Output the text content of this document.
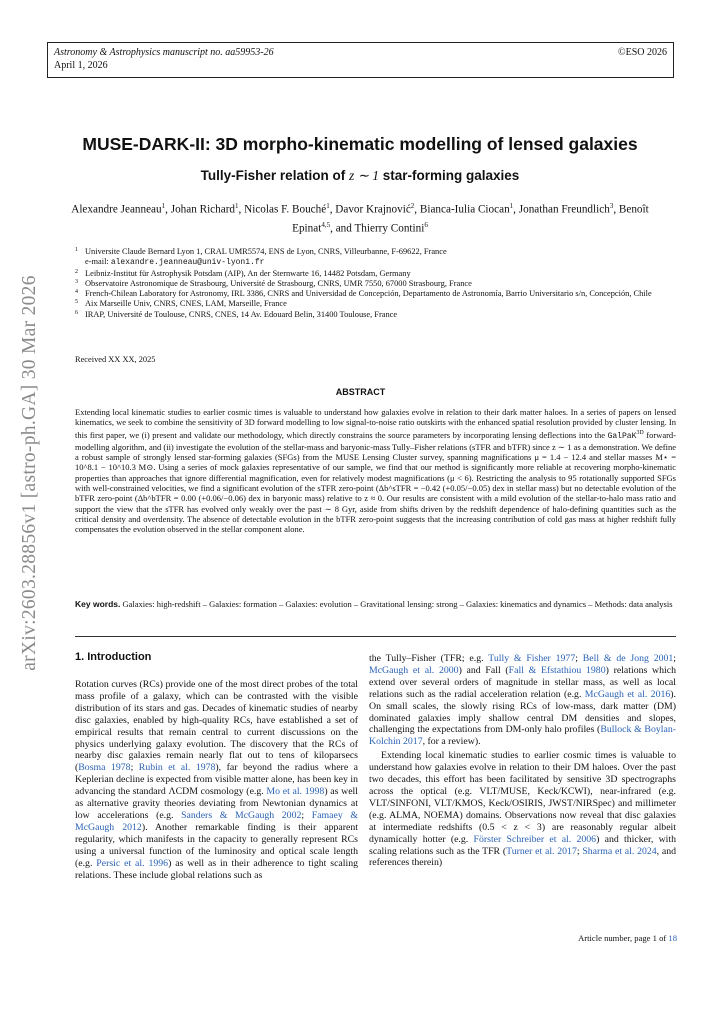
Astronomy & Astrophysics manuscript no. aa59953-26
April 1, 2026
©ESO 2026
arXiv:2603.28856v1 [astro-ph.GA] 30 Mar 2026
MUSE-DARK-II: 3D morpho-kinematic modelling of lensed galaxies
Tully-Fisher relation of z ∼ 1 star-forming galaxies
Alexandre Jeanneau$^1$, Johan Richard$^1$, Nicolas F. Bouché$^1$, Davor Krajnović$^2$, Bianca-Iulia Ciocan$^1$, Jonathan Freundlich$^3$, Benoît Epinat$^{4,5}$, and Thierry Contini$^6$
1 Universite Claude Bernard Lyon 1, CRAL UMR5574, ENS de Lyon, CNRS, Villeurbanne, F-69622, France
e-mail: alexandre.jeanneau@univ-lyon1.fr
2 Leibniz-Institut für Astrophysik Potsdam (AIP), An der Sternwarte 16, 14482 Potsdam, Germany
3 Observatoire Astronomique de Strasbourg, Université de Strasbourg, CNRS, UMR 7550, 67000 Strasbourg, France
4 French-Chilean Laboratory for Astronomy, IRL 3386, CNRS and Universidad de Concepción, Departamento de Astronomía, Barrio Universitario s/n, Concepción, Chile
5 Aix Marseille Univ, CNRS, CNES, LAM, Marseille, France
6 IRAP, Université de Toulouse, CNRS, CNES, 14 Av. Edouard Belin, 31400 Toulouse, France
Received XX XX, 2025
ABSTRACT
Extending local kinematic studies to earlier cosmic times is valuable to understand how galaxies evolve in relation to their dark matter haloes. In a series of papers on lensed kinematics, we seek to combine the sensitivity of 3D forward modelling to low signal-to-noise ratio outskirts with the enhanced spatial resolution provided by cluster lensing. In this first paper, we (i) present and validate our methodology, which directly constrains the source parameters by incorporating lensing deflections into the GalPaK$^{3D}$ forward-modelling algorithm, and (ii) investigate the evolution of the stellar-mass and baryonic-mass Tully–Fisher relations (sTFR and bTFR) since z ∼ 1 as a demonstration. We define a robust sample of strongly lensed star-forming galaxies (SFGs) from the MUSE Lensing Cluster survey, spanning magnifications μ = 1.4 − 12.4 and stellar masses M⋆ = 10^8.1 − 10^10.3 M⊙. Using a series of mock galaxies representative of our sample, we find that our method is significantly more reliable at recovering morpho-kinematic properties than approaches that ignore differential magnification, even for relatively modest magnifications (μ < 6). Restricting the analysis to 95 rotationally supported SFGs with well-constrained velocities, we find a significant evolution of the sTFR zero-point (Δb^sTFR = −0.42 (+0.05/−0.05) dex in stellar mass) but no detectable evolution of the bTFR zero-point (Δb^bTFR = 0.00 (+0.06/−0.06) dex in baryonic mass) relative to z ≈ 0. Our results are consistent with a mild evolution of the stellar-to-halo mass ratio and support the view that the sTFR has evolved only weakly over the past ∼ 8 Gyr, aside from shifts driven by the redshift dependence of halo-defining quantities such as the critical density and overdensity. The absence of detectable evolution in the bTFR zero-point suggests that the increasing contribution of cold gas mass at higher redshift fully compensates the evolution observed in the stellar component alone.
Key words. Galaxies: high-redshift – Galaxies: formation – Galaxies: evolution – Gravitational lensing: strong – Galaxies: kinematics and dynamics – Methods: data analysis
1. Introduction

Rotation curves (RCs) provide one of the most direct probes of the total mass profile of a galaxy, which can be contrasted with the visible distribution of its stars and gas. Decades of kinematic studies of nearby disc galaxies, enabled by high-quality RCs, have established a set of empirical results that remain central to current discussions on the physics underlying galaxy evolution. The discovery that the RCs of nearby disc galaxies remain nearly flat out to tens of kiloparsecs (Bosma 1978; Rubin et al. 1978), far beyond the radius where a Keplerian decline is expected from visible matter alone, has been key in advancing the standard ΛCDM cosmology (e.g. Mo et al. 1998) as well as alternative gravity theories deviating from Newtonian dynamics at low accelerations (e.g. Sanders & McGaugh 2002; Famaey & McGaugh 2012). Another remarkable finding is their apparent regularity, which manifests in the capacity to generally represent RCs using a universal function of the luminosity and optical scale length (e.g. Persic et al. 1996) as well as in their adherence to tight scaling relations. These include global relations such as

the Tully–Fisher (TFR; e.g. Tully & Fisher 1977; Bell & de Jong 2001; McGaugh et al. 2000) and Fall (Fall & Efstathiou 1980) relations which extend over several orders of magnitude in stellar mass, as well as local relations such as the radial acceleration relation (e.g. McGaugh et al. 2016). On small scales, the slowly rising RCs of low-mass, dark matter (DM) dominated galaxies imply shallow central DM densities and slopes, challenging the expectations from DM-only halo profiles (Bullock & Boylan-Kolchin 2017, for a review).

Extending local kinematic studies to earlier cosmic times is valuable to understand how galaxies evolve in relation to their DM haloes. Over the past two decades, this effort has been facilitated by sensitive 3D spectrographs across the optical (e.g. VLT/MUSE, Keck/KCWI), near-infrared (e.g. VLT/SINFONI, VLT/KMOS, Keck/OSIRIS, JWST/NIRSpec) and millimeter (e.g. ALMA, NOEMA) domains. Observations now reveal that disc galaxies at intermediate redshifts (0.5 < z < 3) are reasonably regular albeit dynamically hotter (e.g. Förster Schreiber et al. 2006) and thicker, with scaling relations such as the TFR (Turner et al. 2017; Sharma et al. 2024, and references therein)

Article number, page 1 of 18
